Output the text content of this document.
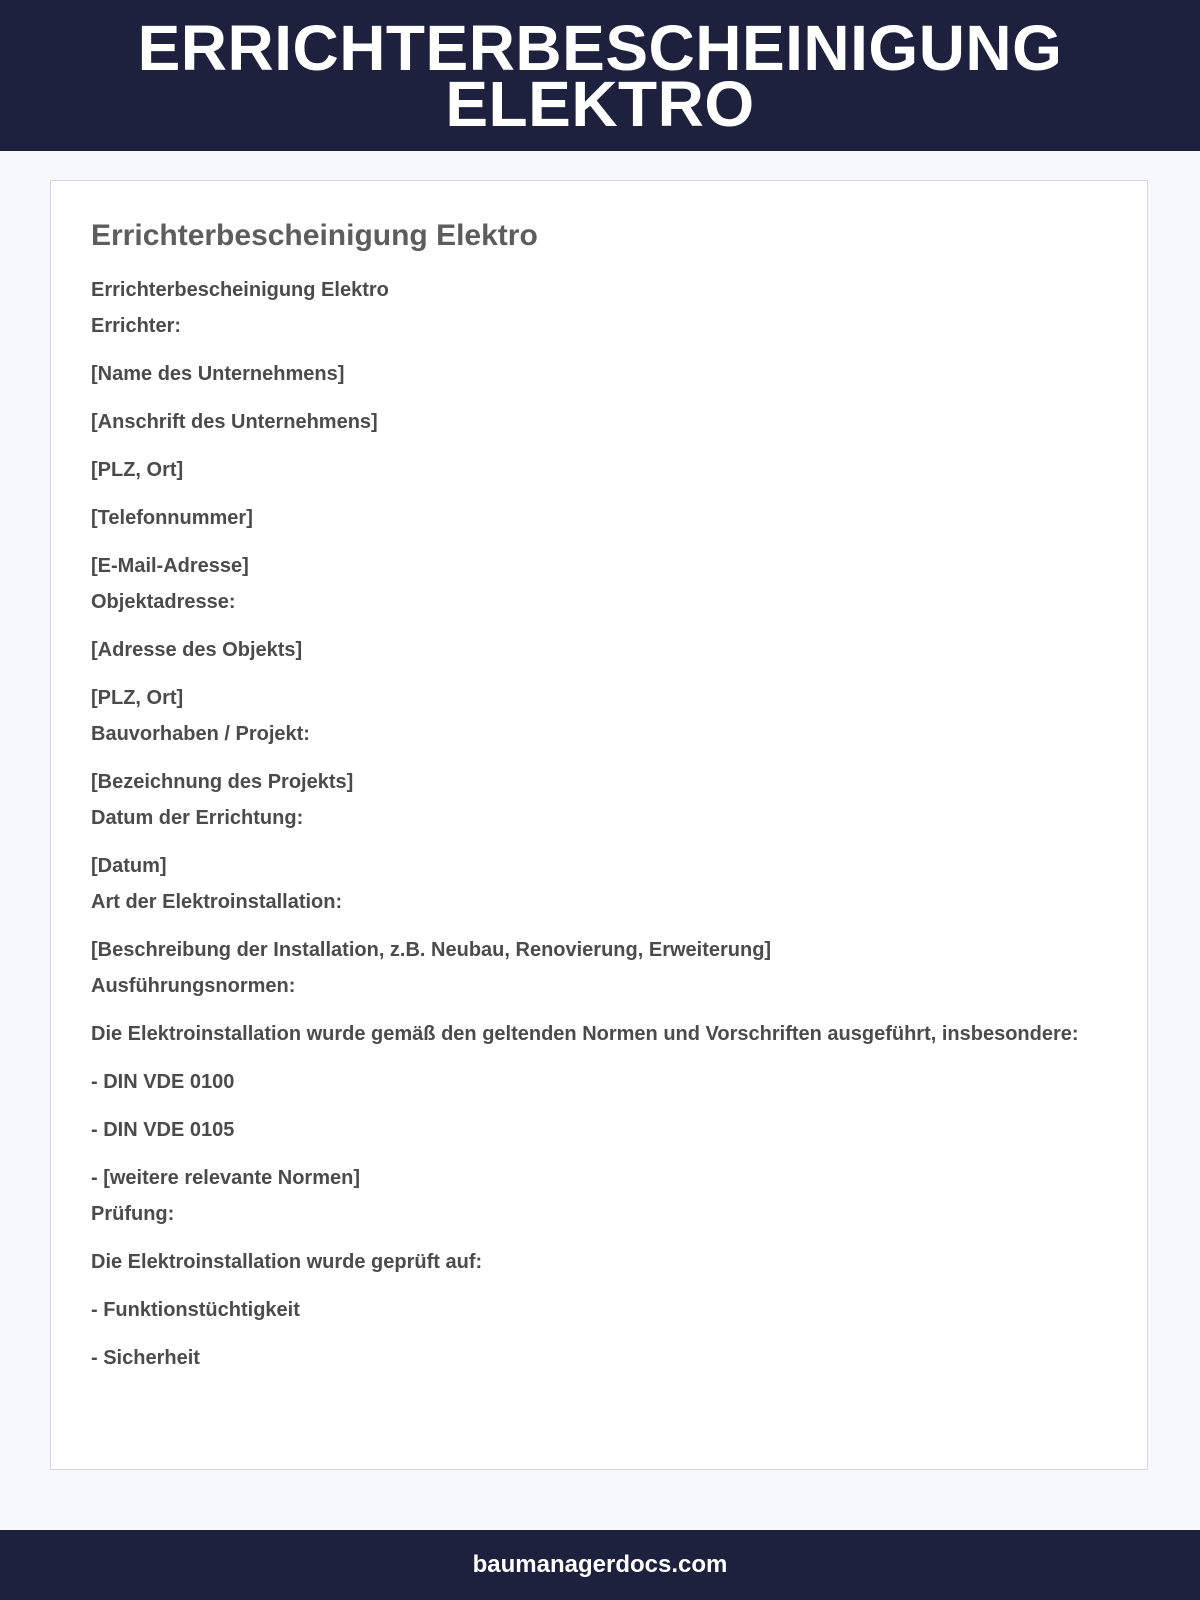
ERRICHTERBESCHEINIGUNG
ELEKTRO
Errichterbescheinigung Elektro
Errichterbescheinigung Elektro
Errichter:
[Name des Unternehmens]
[Anschrift des Unternehmens]
[PLZ, Ort]
[Telefonnummer]
[E-Mail-Adresse]
Objektadresse:
[Adresse des Objekts]
[PLZ, Ort]
Bauvorhaben / Projekt:
[Bezeichnung des Projekts]
Datum der Errichtung:
[Datum]
Art der Elektroinstallation:
[Beschreibung der Installation, z.B. Neubau, Renovierung, Erweiterung]
Ausführungsnormen:
Die Elektroinstallation wurde gemäß den geltenden Normen und Vorschriften ausgeführt, insbesondere:
- DIN VDE 0100
- DIN VDE 0105
- [weitere relevante Normen]
Prüfung:
Die Elektroinstallation wurde geprüft auf:
- Funktionstüchtigkeit
- Sicherheit
baumanagerdocs.com
